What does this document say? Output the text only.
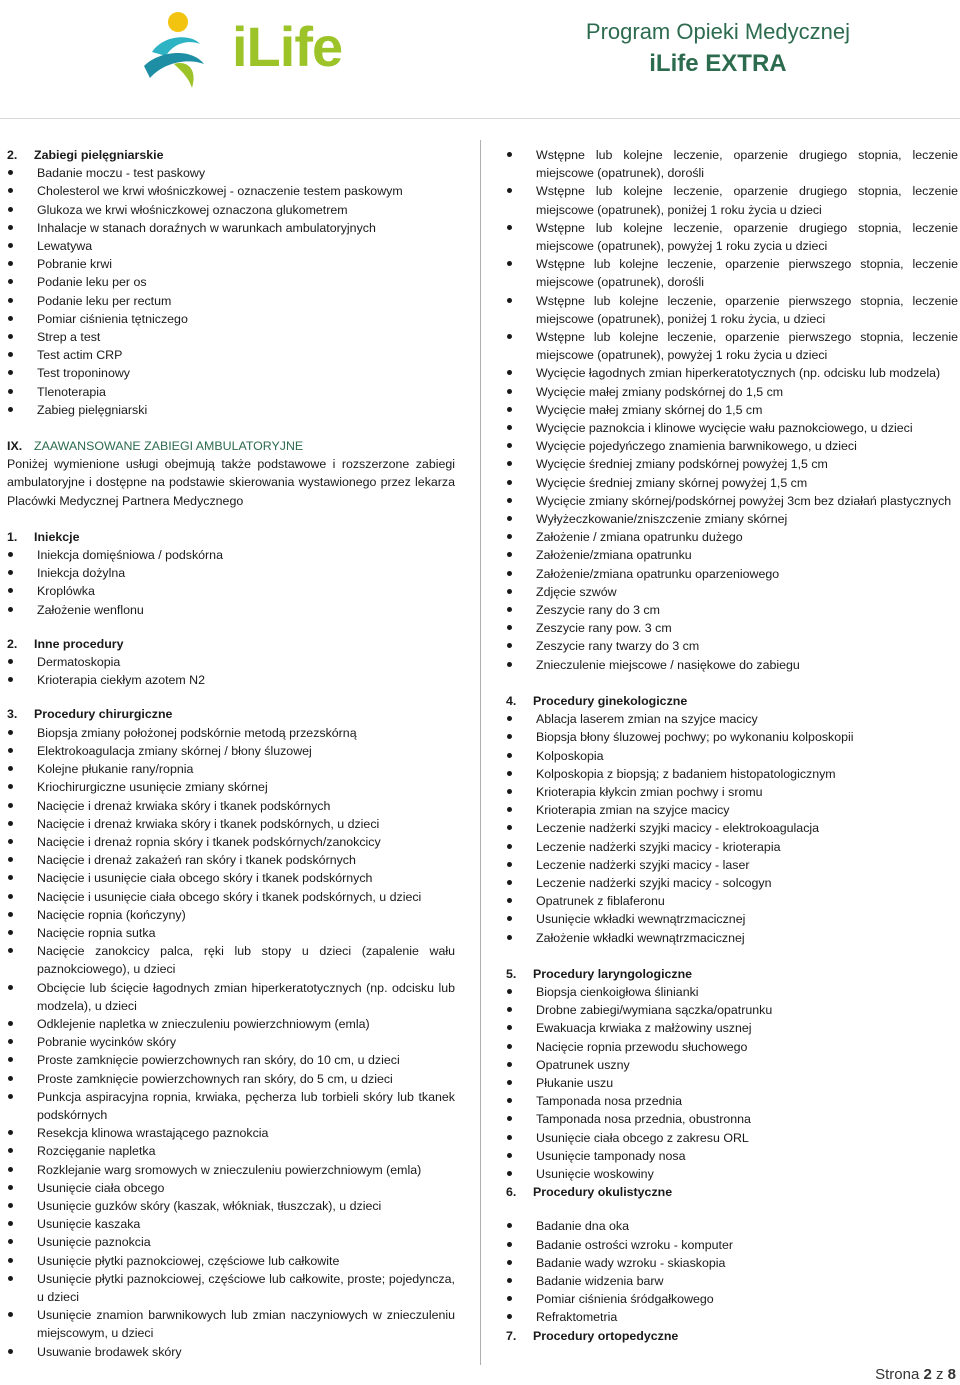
iLife	Program Opieki Medycznej
iLife EXTRA
2. Zabiegi pielęgniarskie
Badanie moczu - test paskowy
Cholesterol we krwi włośniczkowej - oznaczenie testem paskowym
Glukoza we krwi włośniczkowej oznaczona glukometrem
Inhalacje w stanach doraźnych w warunkach ambulatoryjnych
Lewatywa
Pobranie krwi
Podanie leku per os
Podanie leku per rectum
Pomiar ciśnienia tętniczego
Strep a test
Test actim CRP
Test troponinowy
Tlenoterapia
Zabieg pielęgniarski
IX. ZAAWANSOWANE ZABIEGI AMBULATORYJNE

Poniżej wymienione usługi obejmują także podstawowe i rozszerzone zabiegi ambulatoryjne i dostępne na podstawie skierowania wystawionego przez lekarza Placówki Medycznej Partnera Medycznego

1. Iniekcje
Iniekcja domięśniowa / podskórna
Iniekcja dożylna
Kroplówka
Założenie wenflonu
2. Inne procedury
Dermatoskopia
Krioterapia ciekłym azotem N2
3. Procedury chirurgiczne
Biopsja zmiany położonej podskórnie metodą przezskórną
Elektrokoagulacja zmiany skórnej / błony śluzowej
Kolejne płukanie rany/ropnia
Kriochirurgiczne usunięcie zmiany skórnej
Nacięcie i drenaż krwiaka skóry i tkanek podskórnych
Nacięcie i drenaż krwiaka skóry i tkanek podskórnych, u dzieci
Nacięcie i drenaż ropnia skóry i tkanek podskórnych/zanokcicy
Nacięcie i drenaż zakażeń ran skóry i tkanek podskórnych
Nacięcie i usunięcie ciała obcego skóry i tkanek podskórnych
Nacięcie i usunięcie ciała obcego skóry i tkanek podskórnych, u dzieci
Nacięcie ropnia (kończyny)
Nacięcie ropnia sutka
Nacięcie zanokcicy palca, ręki lub stopy u dzieci (zapalenie wału paznokciowego), u dzieci
Obcięcie lub ścięcie łagodnych zmian hiperkeratotycznych (np. odcisku lub modzela), u dzieci
Odklejenie napletka w znieczuleniu powierzchniowym (emla)
Pobranie wycinków skóry
Proste zamknięcie powierzchownych ran skóry, do 10 cm, u dzieci
Proste zamknięcie powierzchownych ran skóry, do 5 cm, u dzieci
Punkcja aspiracyjna ropnia, krwiaka, pęcherza lub torbieli skóry lub tkanek podskórnych
Resekcja klinowa wrastającego paznokcia
Rozcięganie napletka
Rozklejanie warg sromowych w znieczuleniu powierzchniowym (emla)
Usunięcie ciała obcego
Usunięcie guzków skóry (kaszak, włókniak, tłuszczak), u dzieci
Usunięcie kaszaka
Usunięcie paznokcia
Usunięcie płytki paznokciowej, częściowe lub całkowite
Usunięcie płytki paznokciowej, częściowe lub całkowite, proste; pojedyncza, u dzieci
Usunięcie znamion barwnikowych lub zmian naczyniowych w znieczuleniu miejscowym, u dzieci
Usuwanie brodawek skóry
Wstępne lub kolejne leczenie, oparzenie drugiego stopnia, leczenie miejscowe (opatrunek), dorośli
Wstępne lub kolejne leczenie, oparzenie drugiego stopnia, leczenie miejscowe (opatrunek), poniżej 1 roku życia u dzieci
Wstępne lub kolejne leczenie, oparzenie drugiego stopnia, leczenie miejscowe (opatrunek), powyżej 1 roku zycia u dzieci
Wstępne lub kolejne leczenie, oparzenie pierwszego stopnia, leczenie miejscowe (opatrunek), dorośli
Wstępne lub kolejne leczenie, oparzenie pierwszego stopnia, leczenie miejscowe (opatrunek), poniżej 1 roku życia, u dzieci
Wstępne lub kolejne leczenie, oparzenie pierwszego stopnia, leczenie miejscowe (opatrunek), powyżej 1 roku życia u dzieci
Wycięcie łagodnych zmian hiperkeratotycznych (np. odcisku lub modzela)
Wycięcie małej zmiany podskórnej do 1,5 cm
Wycięcie małej zmiany skórnej do 1,5 cm
Wycięcie paznokcia i klinowe wycięcie wału paznokciowego, u dzieci
Wycięcie pojedyńczego znamienia barwnikowego, u dzieci
Wycięcie średniej zmiany podskórnej powyżej 1,5 cm
Wycięcie średniej zmiany skórnej powyżej 1,5 cm
Wycięcie zmiany skórnej/podskórnej powyżej 3cm bez działań plastycznych
Wyłyżeczkowanie/zniszczenie zmiany skórnej
Założenie / zmiana opatrunku dużego
Założenie/zmiana opatrunku
Założenie/zmiana opatrunku oparzeniowego
Zdjęcie szwów
Zeszycie rany do 3 cm
Zeszycie rany pow. 3 cm
Zeszycie rany twarzy do 3 cm
Znieczulenie miejscowe / nasiękowe do zabiegu
4. Procedury ginekologiczne
Ablacja laserem zmian na szyjce macicy
Biopsja błony śluzowej pochwy; po wykonaniu kolposkopii
Kolposkopia
Kolposkopia z biopsją; z badaniem histopatologicznym
Krioterapia kłykcin zmian pochwy i sromu
Krioterapia zmian na szyjce macicy
Leczenie nadżerki szyjki macicy - elektrokoagulacja
Leczenie nadżerki szyjki macicy - krioterapia
Leczenie nadżerki szyjki macicy - laser
Leczenie nadżerki szyjki macicy - solcogyn
Opatrunek z fiblaferonu
Usunięcie wkładki wewnątrzmacicznej
Założenie wkładki wewnątrzmacicznej
5. Procedury laryngologiczne
Biopsja cienkoigłowa ślinianki
Drobne zabiegi/wymiana sączka/opatrunku
Ewakuacja krwiaka z małżowiny usznej
Nacięcie ropnia przewodu słuchowego
Opatrunek uszny
Płukanie uszu
Tamponada nosa przednia
Tamponada nosa przednia, obustronna
Usunięcie ciała obcego z zakresu ORL
Usunięcie tamponady nosa
Usunięcie woskowiny
6. Procedury okulistyczne
Badanie dna oka
Badanie ostrości wzroku - komputer
Badanie wady wzroku - skiaskopia
Badanie widzenia barw
Pomiar ciśnienia śródgałkowego
Refraktometria
7. Procedury ortopedyczne
Strona 2 z 8
